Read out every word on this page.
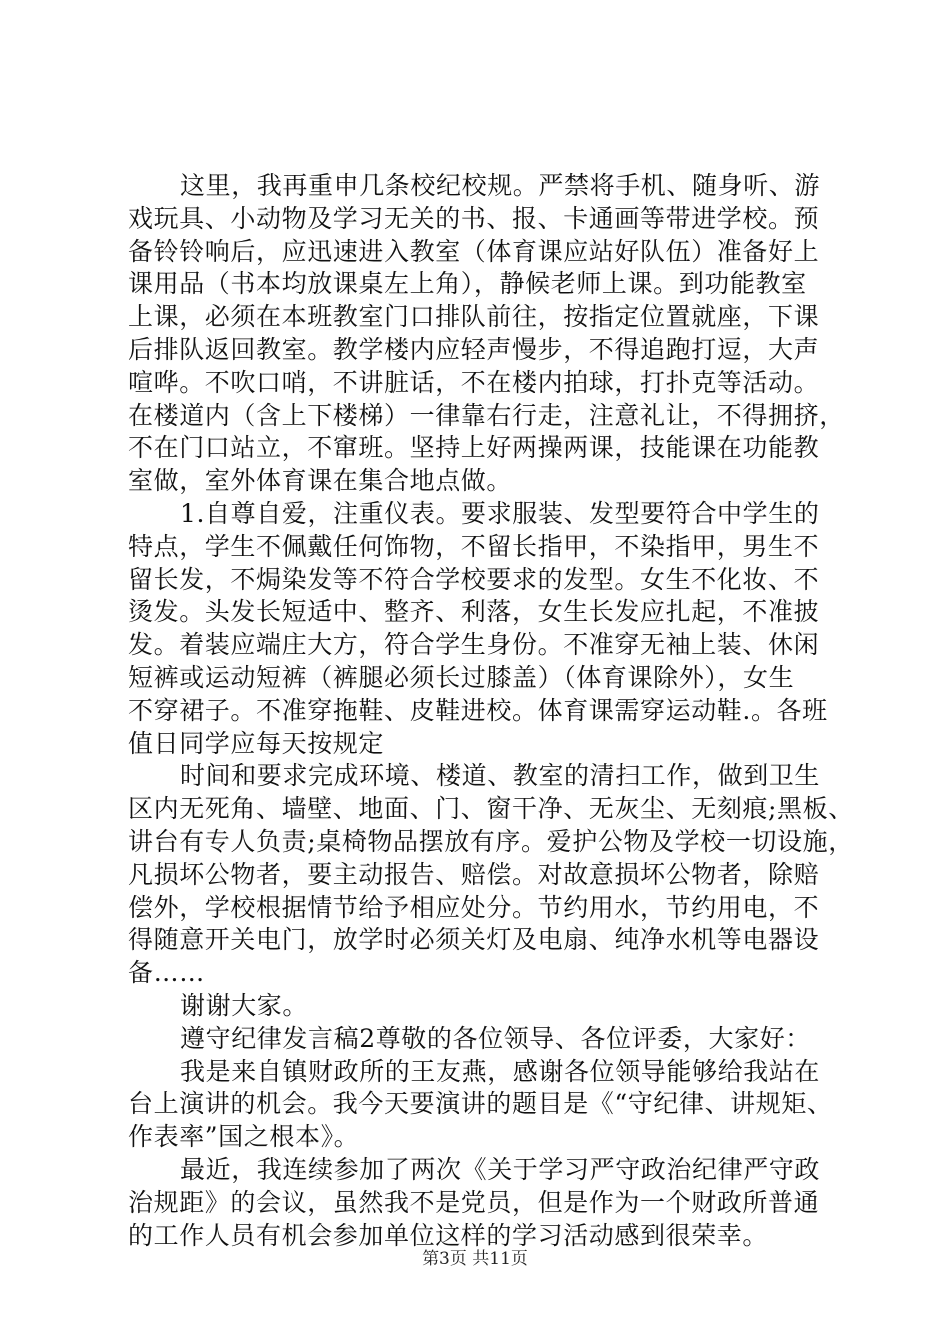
这里，我再重申几条校纪校规。严禁将手机、随身听、游
戏玩具、小动物及学习无关的书、报、卡通画等带进学校。预
备铃铃响后，应迅速进入教室（体育课应站好队伍）准备好上
课用品（书本均放课桌左上角），静候老师上课。到功能教室
上课，必须在本班教室门口排队前往，按指定位置就座，下课
后排队返回教室。教学楼内应轻声慢步，不得追跑打逗，大声
喧哗。不吹口哨，不讲脏话，不在楼内拍球，打扑克等活动。
在楼道内（含上下楼梯）一律靠右行走，注意礼让，不得拥挤，
不在门口站立，不窜班。坚持上好两操两课，技能课在功能教
室做，室外体育课在集合地点做。
1.自尊自爱，注重仪表。要求服装、发型要符合中学生的
特点，学生不佩戴任何饰物，不留长指甲，不染指甲，男生不
留长发，不焗染发等不符合学校要求的发型。女生不化妆、不
烫发。头发长短适中、整齐、利落，女生长发应扎起，不准披
发。着装应端庄大方，符合学生身份。不准穿无袖上装、休闲
短裤或运动短裤（裤腿必须长过膝盖）（体育课除外），女生
不穿裙子。不准穿拖鞋、皮鞋进校。体育课需穿运动鞋.。各班
值日同学应每天按规定
时间和要求完成环境、楼道、教室的清扫工作，做到卫生
区内无死角、墙壁、地面、门、窗干净、无灰尘、无刻痕;黑板、
讲台有专人负责;桌椅物品摆放有序。爱护公物及学校一切设施，
凡损坏公物者，要主动报告、赔偿。对故意损坏公物者，除赔
偿外，学校根据情节给予相应处分。节约用水，节约用电，不
得随意开关电门，放学时必须关灯及电扇、纯净水机等电器设
备……
谢谢大家。
遵守纪律发言稿2尊敬的各位领导、各位评委，大家好：
我是来自镇财政所的王友燕，感谢各位领导能够给我站在
台上演讲的机会。我今天要演讲的题目是《“守纪律、讲规矩、
作表率”国之根本》。
最近，我连续参加了两次《关于学习严守政治纪律严守政
治规距》的会议，虽然我不是党员，但是作为一个财政所普通
的工作人员有机会参加单位这样的学习活动感到很荣幸。
第3页 共11页
